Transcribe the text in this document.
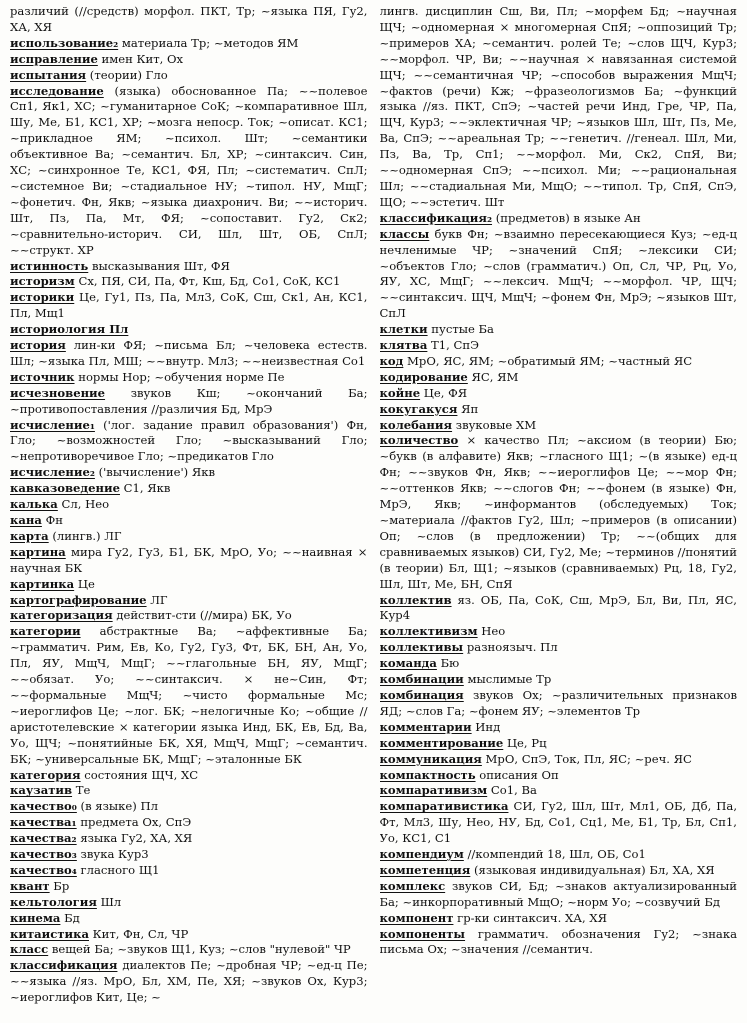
различий (//средств) морфол. ПКТ, Тр; ~языка ПЯ, Гу2, ХА, ХЯ

использование₂ материала Тр; ~методов ЯМ

исправление имен Кит, Ох

испытания (теории) Гло

исследование (языка) обоснованное Па; ~~полевое Сп1, Як1, ХС; ~гуманитарное СоК; ~компаративное Шл, Шу, Ме, Б1, КС1, ХР; ~мозга непоср. Ток; ~описат. КС1; ~прикладное ЯМ; ~психол. Шт; ~семантики объективное Ва; ~семантич. Бл, ХР; ~синтаксич. Син, ХС; ~синхронное Те, КС1, ФЯ, Пл; ~систематич. СпЛ; ~системное Ви; ~стадиальное НУ; ~типол. НУ, МщГ; ~фонетич. Фн, Якв; ~языка диахронич. Ви; ~~историч. Шт, Пз, Па, Мт, ФЯ; ~сопоставит. Гу2, Ск2; ~сравнительно-историч. СИ, Шл, Шт, ОБ, СпЛ; ~~структ. ХР

истинность высказывания Шт, ФЯ

историзм Сх, ПЯ, СИ, Па, Фт, Кш, Бд, Со1, СоК, КС1

историки Це, Гу1, Пз, Па, Мл3, СоК, Сш, Ск1, Ан, КС1, Пл, Мщ1

историология Пл

история лин-ки ФЯ; ~письма Бл; ~человека естеств. Шл; ~языка Пл, МШ; ~~внутр. Мл3; ~~неизвестная Со1

источник нормы Нор; ~обучения норме Пе

исчезновение звуков Кш; ~окончаний Ба; ~противопоставления //различия Бд, МрЭ

исчисление₁ ('лог. задание правил образования') Фн, Гло; ~возможностей Гло; ~высказываний Гло; ~непротиворечивое Гло; ~предикатов Гло

исчисление₂ ('вычисление') Якв

кавказоведение С1, Якв

калька Сл, Нео

кана Фн

карта (лингв.) ЛГ

картина мира Гу2, Гу3, Б1, БК, МрО, Уо; ~~наивная × научная БК

картинка Це

картографирование ЛГ

категоризация действит-сти (//мира) БК, Уо

категории абстрактные Ва; ~аффективные Ба; ~грамматич. Рим, Ев, Ко, Гу2, Гу3, Фт, БК, БН, Ан, Уо, Пл, ЯУ, МщЧ, МщГ; ~~глагольные БН, ЯУ, МщГ; ~~обязат. Уо; ~~синтаксич. × не~Син, Фт; ~~формальные МщЧ; ~чисто формальные Мс; ~иероглифов Це; ~лог. БК; ~нелогичные Ко; ~общие //аристотелевские × категории языка Инд, БК, Ев, Бд, Ва, Уо, ЩЧ; ~понятийные БК, ХЯ, МщЧ, МщГ; ~семантич. БК; ~универсальные БК, МщГ; ~эталонные БК

категория состояния ЩЧ, ХС

каузатив Те

качество₀ (в языке) Пл

качества₁ предмета Ох, СпЭ

качества₂ языка Гу2, ХА, ХЯ

качество₃ звука Кур3

качество₄ гласного Щ1

квант Бр

кельтология Шл

кинема Бд

китаистика Кит, Фн, Сл, ЧР

класс вещей Ба; ~звуков Щ1, Куз; ~слов "нулевой" ЧР

классификация диалектов Пе; ~дробная ЧР; ~ед-ц Пе; ~~языка //яз. МрО, Бл, ХМ, Пе, ХЯ; ~звуков Ох, Кур3; ~иероглифов Кит, Це; ~

лингв. дисциплин Сш, Ви, Пл; ~морфем Бд; ~научная ЩЧ; ~одномерная × многомерная СпЯ; ~оппозиций Тр; ~примеров ХА; ~семантич. ролей Те; ~слов ЩЧ, Кур3; ~~морфол. ЧР, Ви; ~~научная × навязанная системой ЩЧ; ~~семантичная ЧР; ~способов выражения МщЧ; ~фактов (речи) Кж; ~фразеологизмов Ба; ~функций языка //яз. ПКТ, СпЭ; ~частей речи Инд, Гре, ЧР, Па, ЩЧ, Кур3; ~~эклектичная ЧР; ~языков Шл, Шт, Пз, Ме, Ва, СпЭ; ~~ареальная Тр; ~~генетич. //генеал. Шл, Ми, Пз, Ва, Тр, Сп1; ~~морфол. Ми, Ск2, СпЯ, Ви; ~~одномерная СпЭ; ~~психол. Ми; ~~рациональная Шл; ~~стадиальная Ми, МщО; ~~типол. Тр, СпЯ, СпЭ, ЩО; ~~эстетич. Шт

классификация₂ (предметов) в языке Ан

классы букв Фн; ~взаимно пересекающиеся Куз; ~ед-ц нечленимые ЧР; ~значений СпЯ; ~лексики СИ; ~объектов Гло; ~слов (грамматич.) Оп, Сл, ЧР, Рц, Уо, ЯУ, ХС, МщГ; ~~лексич. МщЧ; ~~морфол. ЧР, ЩЧ; ~~синтаксич. ЩЧ, МщЧ; ~фонем Фн, МрЭ; ~языков Шт, СпЛ

клетки пустые Ба

клятва Т1, СпЭ

код МрО, ЯС, ЯМ; ~обратимый ЯМ; ~частный ЯС

кодирование ЯС, ЯМ

койне Це, ФЯ

кокугакуся Яп

колебания звуковые ХМ

количество × качество Пл; ~аксиом (в теории) Бю; ~букв (в алфавите) Якв; ~гласного Щ1; ~(в языке) ед-ц Фн; ~~звуков Фн, Якв; ~~иероглифов Це; ~~мор Фн; ~~оттенков Якв; ~~слогов Фн; ~~фонем (в языке) Фн, МрЭ, Якв; ~информантов (обследуемых) Ток; ~материала //фактов Гу2, Шл; ~примеров (в описании) Оп; ~слов (в предложении) Тр; ~~(общих для сравниваемых языков) СИ, Гу2, Ме; ~терминов //понятий (в теории) Бл, Щ1; ~языков (сравниваемых) Рц, 18, Гу2, Шл, Шт, Ме, БН, СпЯ

коллектив яз. ОБ, Па, СоК, Сш, МрЭ, Бл, Ви, Пл, ЯС, Кур4

коллективизм Нео

коллективы разноязыч. Пл

команда Бю

комбинации мыслимые Тр

комбинация звуков Ох; ~различительных признаков ЯД; ~слов Га; ~фонем ЯУ; ~элементов Тр

комментарии Инд

комментирование Це, Рц

коммуникация МрО, СпЭ, Ток, Пл, ЯС; ~реч. ЯС

компактность описания Оп

компаративизм Со1, Ва

компаративистика СИ, Гу2, Шл, Шт, Мл1, ОБ, Дб, Па, Фт, Мл3, Шу, Нео, НУ, Бд, Со1, Сц1, Ме, Б1, Тр, Бл, Сп1, Уо, КС1, С1

компендиум //компендий 18, Шл, ОБ, Со1

компетенция (языковая индивидуальная) Бл, ХА, ХЯ

комплекс звуков СИ, Бд; ~знаков актуализированный Ба; ~инкорпоративный МщО; ~норм Уо; ~созвучий Бд

компонент гр-ки синтаксич. ХА, ХЯ

компоненты грамматич. обозначения Гу2; ~знака письма Ох; ~значения //семантич.
